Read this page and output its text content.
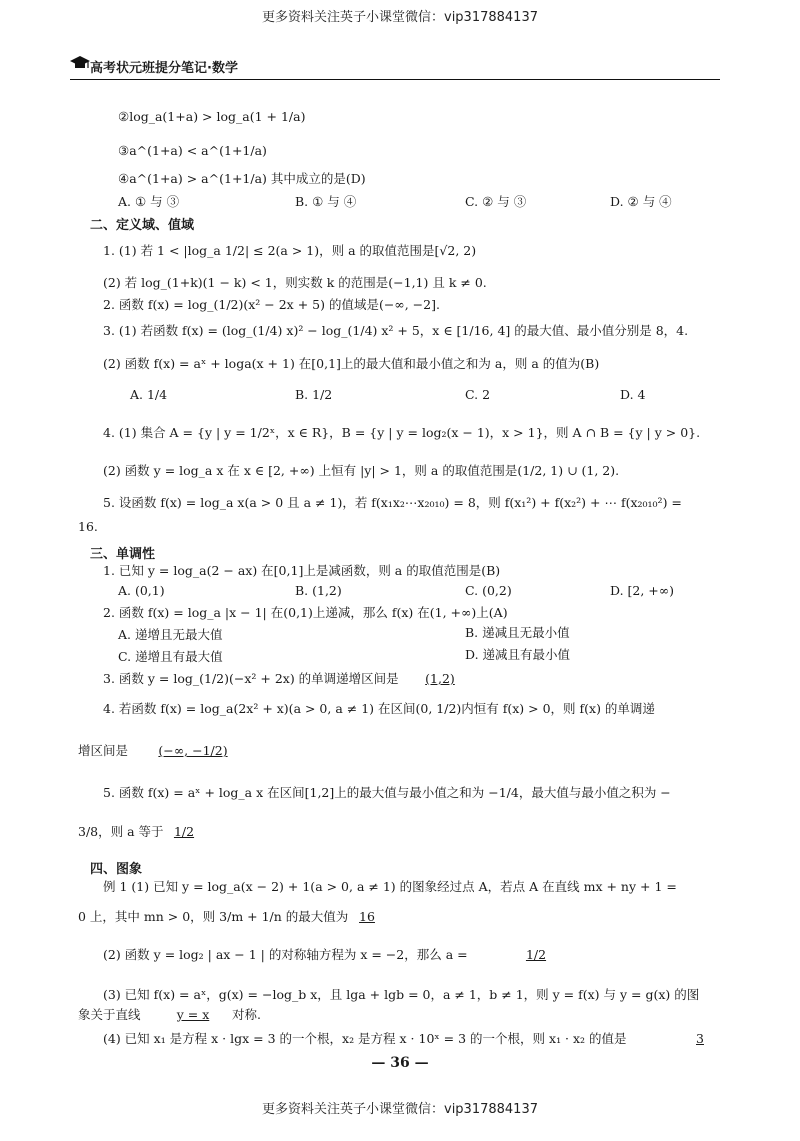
更多资料关注英子小课堂微信：vip317884137
高考状元班提分笔记·数学
②log_a(1+a) > log_a(1 + 1/a)
③a^(1+a) < a^(1+1/a)
④a^(1+a) > a^(1+1/a) 其中成立的是(D)
A. ① 与 ③	B. ① 与 ④	C. ② 与 ③	D. ② 与 ④
二、定义域、值域
1. (1) 若 1 < |log_a 1/2| ≤ 2(a > 1)，则 a 的取值范围是[√2, 2)
(2) 若 log_(1+k)(1 − k) < 1，则实数 k 的范围是(−1,1) 且 k ≠ 0.
2. 函数 f(x) = log_(1/2)(x² − 2x + 5) 的值域是(−∞, −2].
3. (1) 若函数 f(x) = (log_(1/4) x)² − log_(1/4) x² + 5，x ∈ [1/16, 4] 的最大值、最小值分别是 8，4.
(2) 函数 f(x) = aˣ + loga(x + 1) 在[0,1]上的最大值和最小值之和为 a，则 a 的值为(B)
A. 1/4	B. 1/2	C. 2	D. 4
4. (1) 集合 A = {y | y = 1/2ˣ，x ∈ R}，B = {y | y = log₂(x − 1)，x > 1}，则 A ∩ B = {y | y > 0}.
(2) 函数 y = log_a x 在 x ∈ [2, +∞) 上恒有 |y| > 1，则 a 的取值范围是(1/2, 1) ∪ (1, 2).
5. 设函数 f(x) = log_a x(a > 0 且 a ≠ 1)，若 f(x₁x₂⋯x₂₀₁₀) = 8，则 f(x₁²) + f(x₂²) + ⋯ f(x₂₀₁₀²) =
16.
三、单调性
1. 已知 y = log_a(2 − ax) 在[0,1]上是减函数，则 a 的取值范围是(B)
A. (0,1)	B. (1,2)	C. (0,2)	D. [2, +∞)
2. 函数 f(x) = log_a |x − 1| 在(0,1)上递减，那么 f(x) 在(1, +∞)上(A)
A. 递增且无最大值	B. 递减且无最小值
C. 递增且有最大值	D. 递减且有最小值
3. 函数 y = log_(1/2)(−x² + 2x) 的单调递增区间是	(1,2)
4. 若函数 f(x) = log_a(2x² + x)(a > 0, a ≠ 1) 在区间(0, 1/2)内恒有 f(x) > 0，则 f(x) 的单调递
增区间是	(−∞, −1/2)
5. 函数 f(x) = aˣ + log_a x 在区间[1,2]上的最大值与最小值之和为 −1/4，最大值与最小值之积为 −
3/8，则 a 等于 1/2
四、图象
例 1 (1) 已知 y = log_a(x − 2) + 1(a > 0, a ≠ 1) 的图象经过点 A，若点 A 在直线 mx + ny + 1 =
0 上，其中 mn > 0，则 3/m + 1/n 的最大值为 16
(2) 函数 y = log₂ | ax − 1 | 的对称轴方程为 x = −2，那么 a =	1/2
(3) 已知 f(x) = aˣ，g(x) = −log_b x，且 lga + lgb = 0，a ≠ 1，b ≠ 1，则 y = f(x) 与 y = g(x) 的图
象关于直线	y = x	对称.
(4) 已知 x₁ 是方程 x · lgx = 3 的一个根，x₂ 是方程 x · 10ˣ = 3 的一个根，则 x₁ · x₂ 的值是	3
— 36 —
更多资料关注英子小课堂微信：vip317884137
